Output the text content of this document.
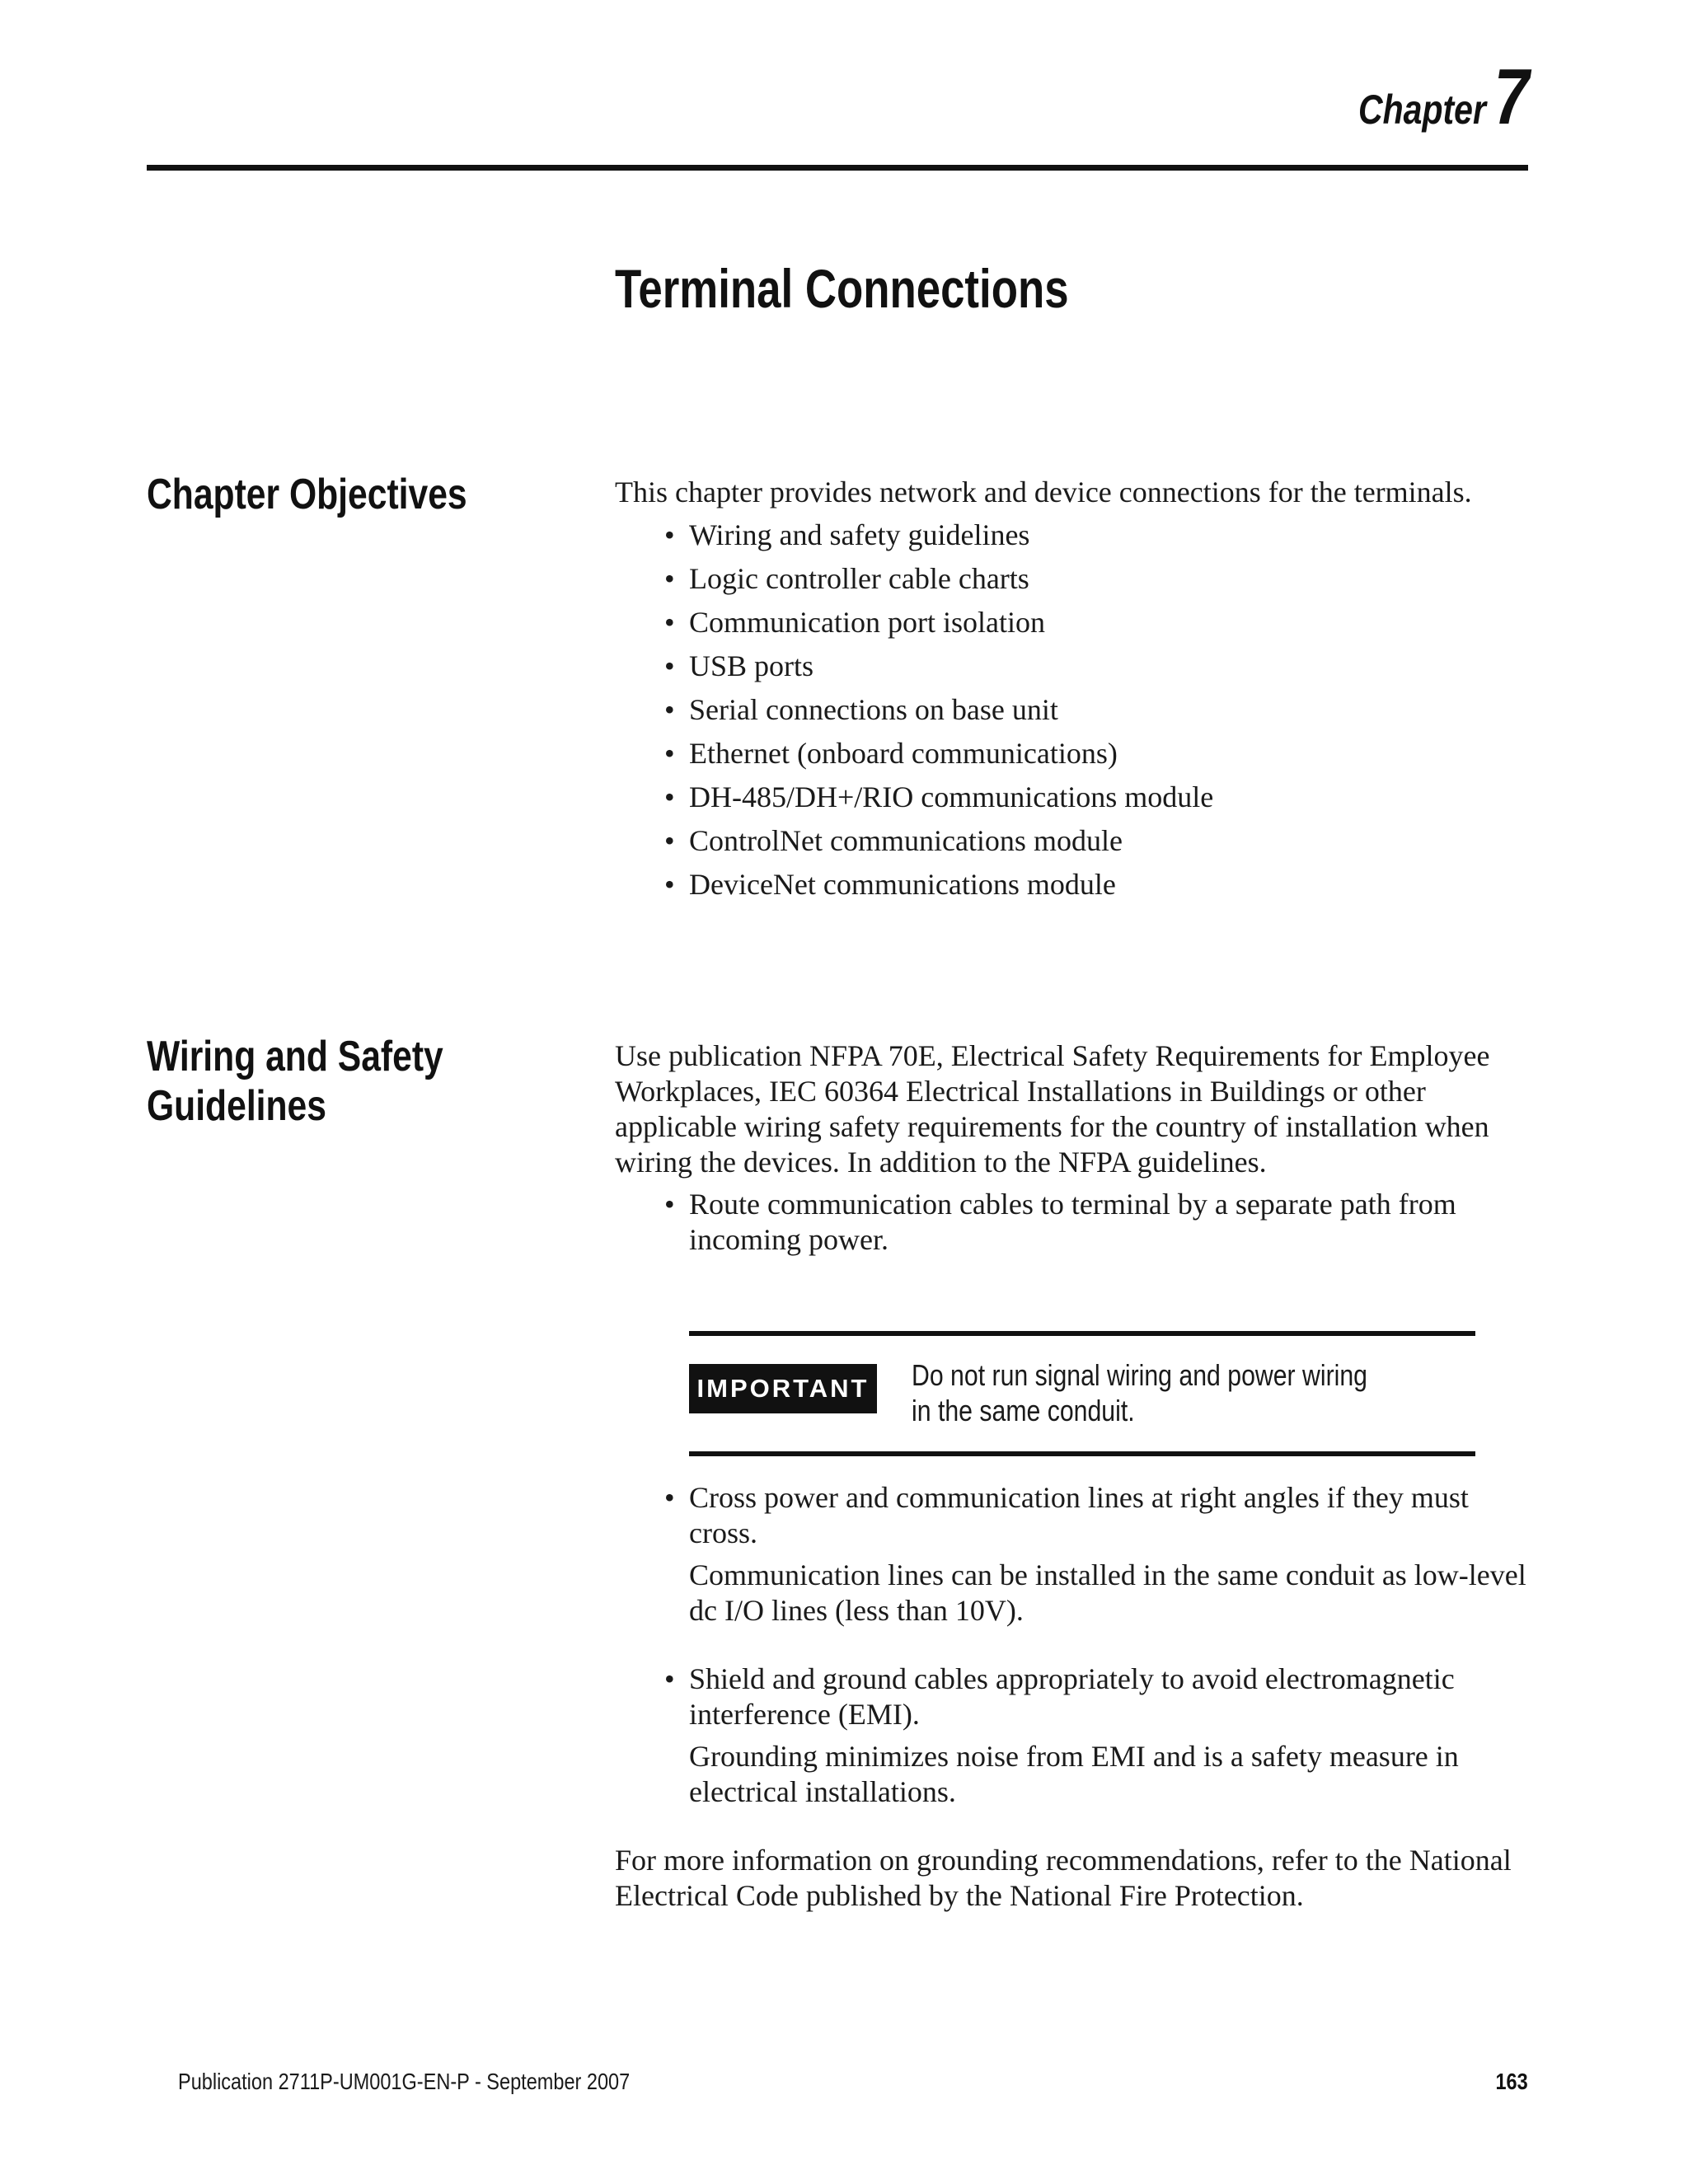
Chapter 7
Terminal Connections
Chapter Objectives	This chapter provides network and device connections for the terminals.

• Wiring and safety guidelines
• Logic controller cable charts
• Communication port isolation
• USB ports
• Serial connections on base unit
• Ethernet (onboard communications)
• DH-485/DH+/RIO communications module
• ControlNet communications module
• DeviceNet communications module
Wiring and Safety
Guidelines

Use publication NFPA 70E, Electrical Safety Requirements for Employee Workplaces, IEC 60364 Electrical Installations in Buildings or other applicable wiring safety requirements for the country of installation when wiring the devices. In addition to the NFPA guidelines.

• Route communication cables to terminal by a separate path from incoming power.
IMPORTANT Do not run signal wiring and power wiring in the same conduit.

• Cross power and communication lines at right angles if they must cross.

Communication lines can be installed in the same conduit as low-level dc I/O lines (less than 10V).

• Shield and ground cables appropriately to avoid electromagnetic interference (EMI).

Grounding minimizes noise from EMI and is a safety measure in electrical installations.

For more information on grounding recommendations, refer to the National Electrical Code published by the National Fire Protection.

Publication 2711P-UM001G-EN-P - September 2007	163
